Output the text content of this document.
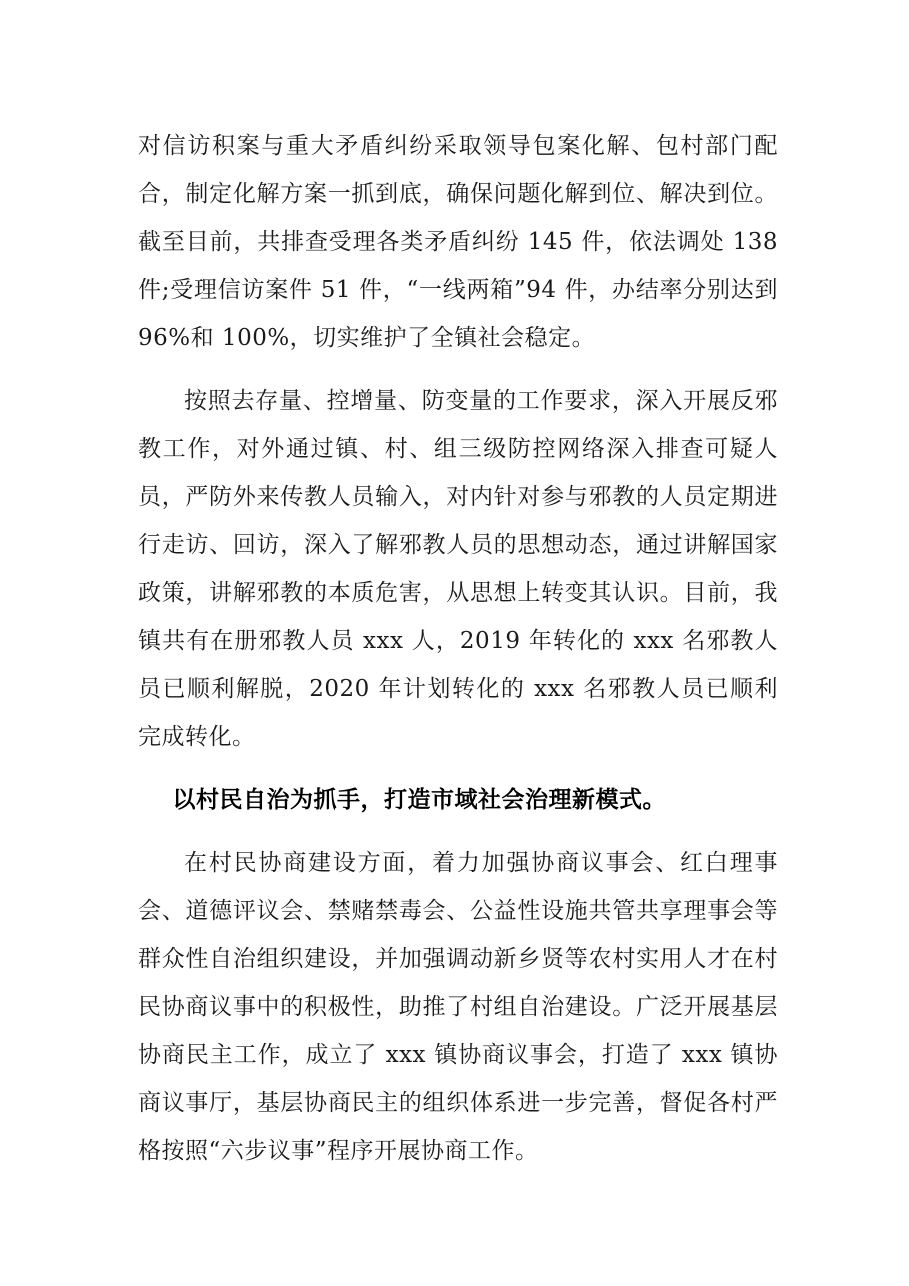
对信访积案与重大矛盾纠纷采取领导包案化解、包村部门配合，制定化解方案一抓到底，确保问题化解到位、解决到位。截至目前，共排查受理各类矛盾纠纷 145 件，依法调处 138 件;受理信访案件 51 件，“一线两箱”94 件，办结率分别达到 96%和 100%，切实维护了全镇社会稳定。

按照去存量、控增量、防变量的工作要求，深入开展反邪教工作，对外通过镇、村、组三级防控网络深入排查可疑人员，严防外来传教人员输入，对内针对参与邪教的人员定期进行走访、回访，深入了解邪教人员的思想动态，通过讲解国家政策，讲解邪教的本质危害，从思想上转变其认识。目前，我镇共有在册邪教人员 xxx 人，2019 年转化的 xxx 名邪教人员已顺利解脱，2020 年计划转化的 xxx 名邪教人员已顺利完成转化。

以村民自治为抓手，打造市域社会治理新模式。

在村民协商建设方面，着力加强协商议事会、红白理事会、道德评议会、禁赌禁毒会、公益性设施共管共享理事会等群众性自治组织建设，并加强调动新乡贤等农村实用人才在村民协商议事中的积极性，助推了村组自治建设。广泛开展基层协商民主工作，成立了 xxx 镇协商议事会，打造了 xxx 镇协商议事厅，基层协商民主的组织体系进一步完善，督促各村严格按照“六步议事”程序开展协商工作。
